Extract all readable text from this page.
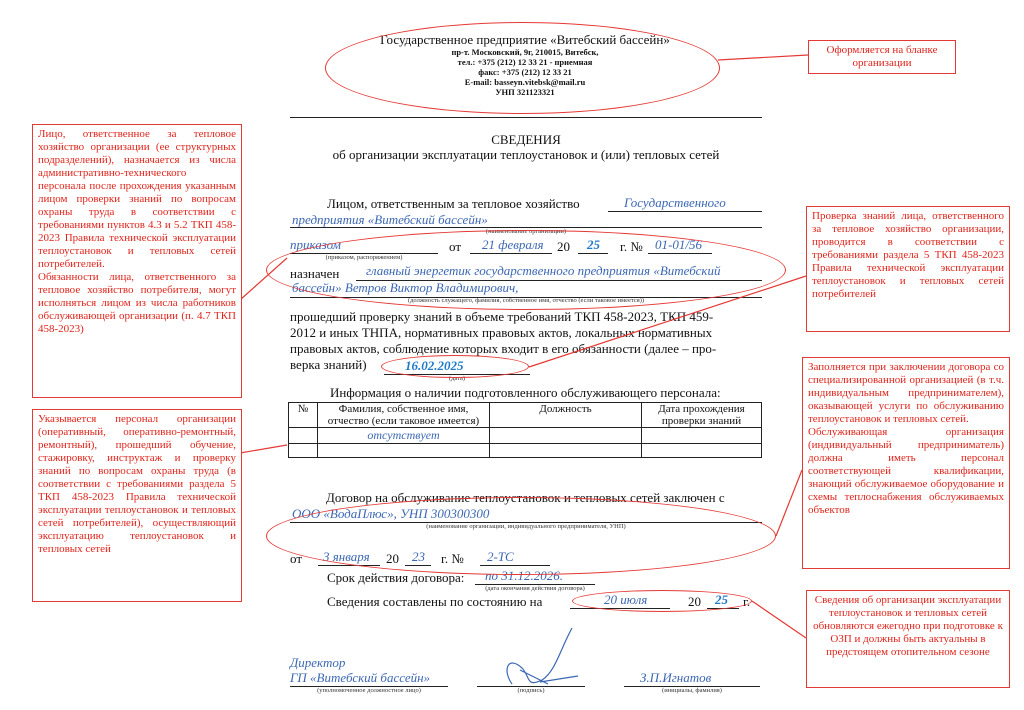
Государственное предприятие «Витебский бассейн»
пр-т. Московский, 9г, 210015, Витебск,
тел.: +375 (212) 12 33 21 - приемная
факс: +375 (212) 12 33 21
E-mail: basseyn.vitebsk@mail.ru
УНП 321123321
СВЕДЕНИЯ
об организации эксплуатации теплоустановок и (или) тепловых сетей
Лицом, ответственным за тепловое хозяйство	Государственного
предприятия «Витебский бассейн»
(наименование организации)
приказом
(приказом, распоряжением)
от 21 февраля 20 25 г. № 01-01/56
назначен главный энергетик государственного предприятия «Витебский
бассейн» Ветров Виктор Владимирович,
(должность служащего, фамилия, собственное имя, отчество (если таковое имеется))
прошедший проверку знаний в объеме требований ТКП 458-2023, ТКП 459-
2012 и иных ТНПА, нормативных правовых актов, локальных нормативных
правовых актов, соблюдение которых входит в его обязанности (далее – про-
верка знаний)	16.02.2025
(дата)
Информация о наличии подготовленного обслуживающего персонала:
№	Фамилия, собственное имя, отчество (если таковое имеется)	Должность	Дата прохождения проверки знаний
	отсутствует		

Договор на обслуживание теплоустановок и тепловых сетей заключен с
ООО «ВодаПлюс», УНП 300300300
(наименование организации, индивидуального предпринимателя, УНП)
от 3 января 20 23 г. № 2-ТС
Срок действия договора: по 31.12.2026.
(дата окончания действия договора)
Сведения составлены по состоянию на	20 июля	20 25 г.
Директор
ГП «Витебский бассейн»
(уполномоченное должностное лицо)	(подпись)
З.П.Игнатов
(инициалы, фамилия)
Оформляется на бланке организации
Лицо, ответственное за тепловое хозяйство организации (ее структурных подразделений), назначается из числа административно-технического персонала после прохождения указанным лицом проверки знаний по вопросам охраны труда в соответствии с требованиями пунктов 4.3 и 5.2 ТКП 458-2023 Правила технической эксплуатации теплоустановок и тепловых сетей потребителей.
Обязанности лица, ответственного за тепловое хозяйство потребителя, могут исполняться лицом из числа работников обслуживающей организации (п. 4.7 ТКП 458-2023)
Указывается персонал организации (оперативный, оперативно-ремонтный, ремонтный), прошедший обучение, стажировку, инструктаж и проверку знаний по вопросам охраны труда (в соответствии с требованиями раздела 5 ТКП 458-2023 Правила технической эксплуатации теплоустановок и тепловых сетей потребителей), осуществляющий эксплуатацию теплоустановок и тепловых сетей
Проверка знаний лица, ответственного за тепловое хозяйство организации, проводится в соответствии с требованиями раздела 5 ТКП 458-2023 Правила технической эксплуатации теплоустановок и тепловых сетей потребителей
Заполняется при заключении договора со специализированной организацией (в т.ч. индивидуальным предпринимателем), оказывающей услуги по обслуживанию теплоустановок и тепловых сетей.
Обслуживающая организация (индивидуальный предприниматель) должна иметь персонал соответствующей квалификации, знающий обслуживаемое оборудование и схемы теплоснабжения обслуживаемых объектов
Сведения об организации эксплуатации теплоустановок и тепловых сетей обновляются ежегодно при подготовке к ОЗП и должны быть актуальны в предстоящем отопительном сезоне
